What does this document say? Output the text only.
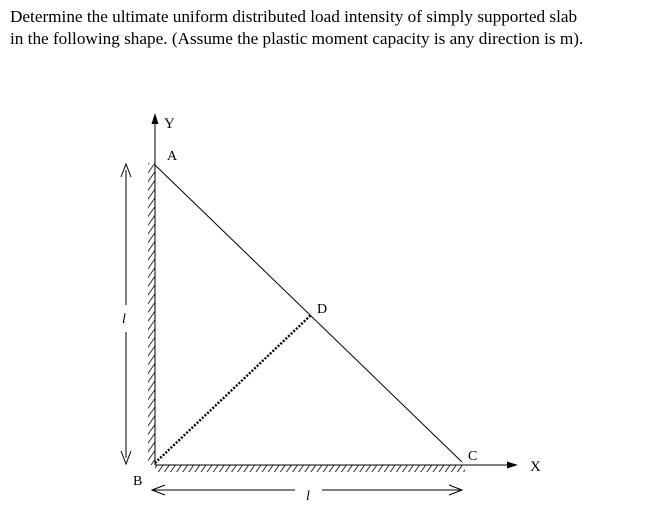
Determine the ultimate uniform distributed load intensity of simply supported slab
in the following shape. (Assume the plastic moment capacity is any direction is m).
Y
X
A
B
C
D
l
l
